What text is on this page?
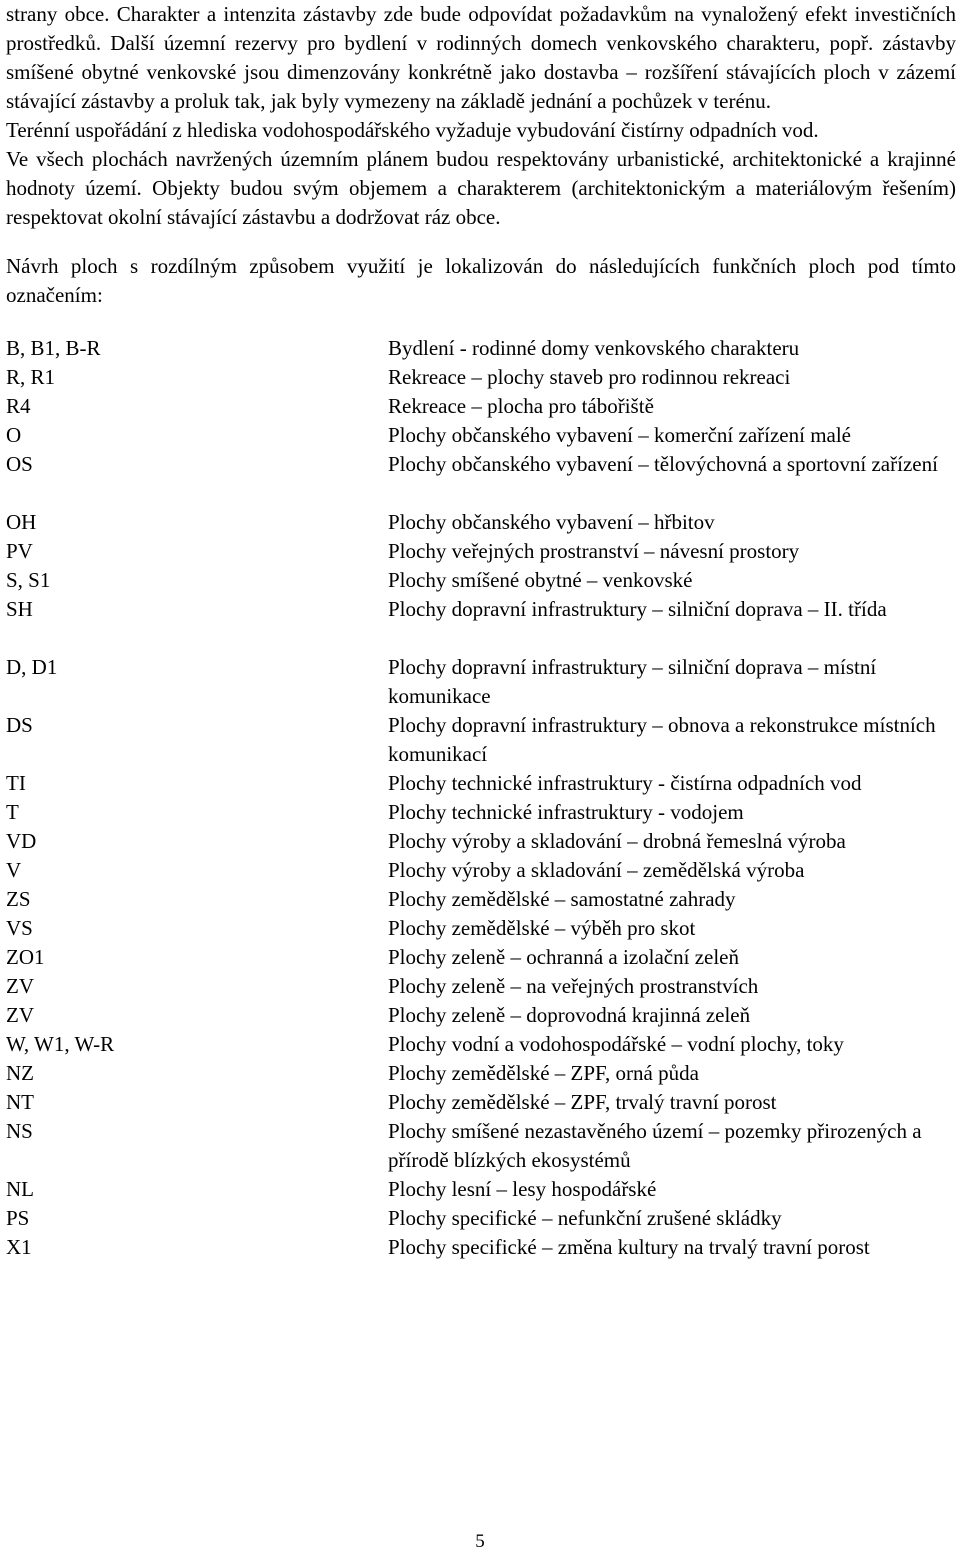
strany obce. Charakter a intenzita zástavby zde bude odpovídat požadavkům na vynaložený efekt investičních prostředků. Další územní rezervy pro bydlení v rodinných domech venkovského charakteru, popř. zástavby smíšené obytné venkovské jsou dimenzovány konkrétně jako dostavba – rozšíření stávajících ploch v zázemí stávající zástavby a proluk tak, jak byly vymezeny na základě jednání a pochůzek v terénu.

Terénní uspořádání z hlediska vodohospodářského vyžaduje vybudování čistírny odpadních vod.

Ve všech plochách navržených územním plánem budou respektovány urbanistické, architektonické a krajinné hodnoty území. Objekty budou svým objemem a charakterem (architektonickým a materiálovým řešením) respektovat okolní stávající zástavbu a dodržovat ráz obce.

Návrh ploch s rozdílným způsobem využití je lokalizován do následujících funkčních ploch pod tímto označením:

B, B1, B-R	Bydlení - rodinné domy venkovského charakteru
R, R1	Rekreace – plochy staveb pro rodinnou rekreaci
R4	Rekreace – plocha pro tábořiště
O	Plochy občanského vybavení – komerční zařízení malé
OS	Plochy občanského vybavení – tělovýchovná a sportovní zařízení
OH	Plochy občanského vybavení – hřbitov
PV	Plochy veřejných prostranství – návesní prostory
S, S1	Plochy smíšené obytné – venkovské
SH	Plochy dopravní infrastruktury – silniční doprava – II. třída
D, D1	Plochy dopravní infrastruktury – silniční doprava – místní komunikace
DS	Plochy dopravní infrastruktury – obnova a rekonstrukce místních komunikací
TI	Plochy technické infrastruktury - čistírna odpadních vod
T	Plochy technické infrastruktury - vodojem
VD	Plochy výroby a skladování – drobná řemeslná výroba
V	Plochy výroby a skladování – zemědělská výroba
ZS	Plochy zemědělské – samostatné zahrady
VS	Plochy zemědělské – výběh pro skot
ZO1	Plochy zeleně – ochranná a izolační zeleň
ZV	Plochy zeleně – na veřejných prostranstvích
ZV	Plochy zeleně – doprovodná krajinná zeleň
W, W1, W-R	Plochy vodní a vodohospodářské – vodní plochy, toky
NZ	Plochy zemědělské – ZPF, orná půda
NT	Plochy zemědělské – ZPF, trvalý travní porost
NS	Plochy smíšené nezastavěného území – pozemky přirozených a přírodě blízkých ekosystémů
NL	Plochy lesní – lesy hospodářské
PS	Plochy specifické – nefunkční zrušené skládky
X1	Plochy specifické – změna kultury na trvalý travní porost
5
